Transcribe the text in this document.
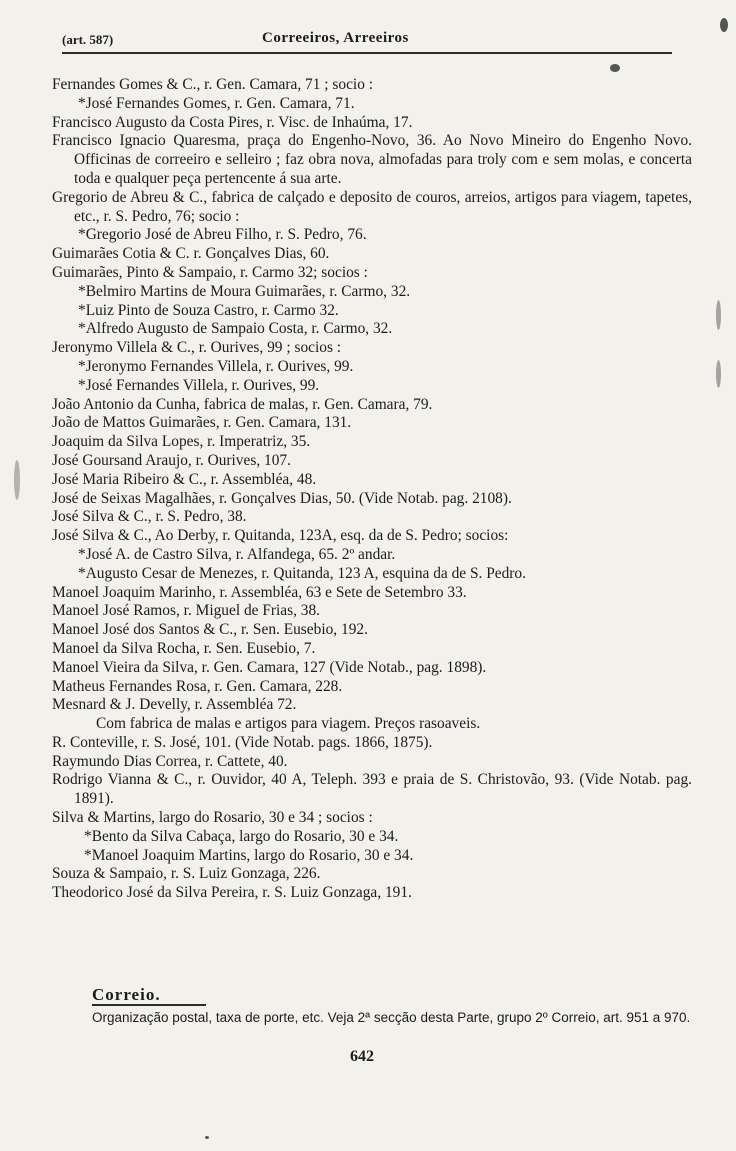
(art. 587)	Correeiros, Arreeiros
Fernandes Gomes & C., r. Gen. Camara, 71 ; socio :
*José Fernandes Gomes, r. Gen. Camara, 71.
Francisco Augusto da Costa Pires, r. Visc. de Inhaúma, 17.
Francisco Ignacio Quaresma, praça do Engenho-Novo, 36. Ao Novo Mineiro do Engenho Novo. Officinas de correeiro e selleiro ; faz obra nova, almofadas para troly com e sem molas, e concerta toda e qualquer peça pertencente á sua arte.
Gregorio de Abreu & C., fabrica de calçado e deposito de couros, arreios, artigos para viagem, tapetes, etc., r. S. Pedro, 76; socio :
*Gregorio José de Abreu Filho, r. S. Pedro, 76.
Guimarães Cotia & C. r. Gonçalves Dias, 60.
Guimarães, Pinto & Sampaio, r. Carmo 32; socios :
*Belmiro Martins de Moura Guimarães, r. Carmo, 32.
*Luiz Pinto de Souza Castro, r. Carmo 32.
*Alfredo Augusto de Sampaio Costa, r. Carmo, 32.
Jeronymo Villela & C., r. Ourives, 99 ; socios :
*Jeronymo Fernandes Villela, r. Ourives, 99.
*José Fernandes Villela, r. Ourives, 99.
João Antonio da Cunha, fabrica de malas, r. Gen. Camara, 79.
João de Mattos Guimarães, r. Gen. Camara, 131.
Joaquim da Silva Lopes, r. Imperatriz, 35.
José Goursand Araujo, r. Ourives, 107.
José Maria Ribeiro & C., r. Assembléa, 48.
José de Seixas Magalhães, r. Gonçalves Dias, 50. (Vide Notab. pag. 2108).
José Silva & C., r. S. Pedro, 38.
José Silva & C., Ao Derby, r. Quitanda, 123A, esq. da de S. Pedro; socios:
*José A. de Castro Silva, r. Alfandega, 65. 2º andar.
*Augusto Cesar de Menezes, r. Quitanda, 123 A, esquina da de S. Pedro.
Manoel Joaquim Marinho, r. Assembléa, 63 e Sete de Setembro 33.
Manoel José Ramos, r. Miguel de Frias, 38.
Manoel José dos Santos & C., r. Sen. Eusebio, 192.
Manoel da Silva Rocha, r. Sen. Eusebio, 7.
Manoel Vieira da Silva, r. Gen. Camara, 127 (Vide Notab., pag. 1898).
Matheus Fernandes Rosa, r. Gen. Camara, 228.
Mesnard & J. Develly, r. Assembléa 72.
Com fabrica de malas e artigos para viagem. Preços rasoaveis.
R. Conteville, r. S. José, 101. (Vide Notab. pags. 1866, 1875).
Raymundo Dias Correa, r. Cattete, 40.
Rodrigo Vianna & C., r. Ouvidor, 40 A, Teleph. 393 e praia de S. Christovão, 93. (Vide Notab. pag. 1891).
Silva & Martins, largo do Rosario, 30 e 34 ; socios :
*Bento da Silva Cabaça, largo do Rosario, 30 e 34.
*Manoel Joaquim Martins, largo do Rosario, 30 e 34.
Souza & Sampaio, r. S. Luiz Gonzaga, 226.
Theodorico José da Silva Pereira, r. S. Luiz Gonzaga, 191.
Correio.
Organização postal, taxa de porte, etc. Veja 2ª secção desta Parte, grupo 2º Correio, art. 951 a 970.
642
